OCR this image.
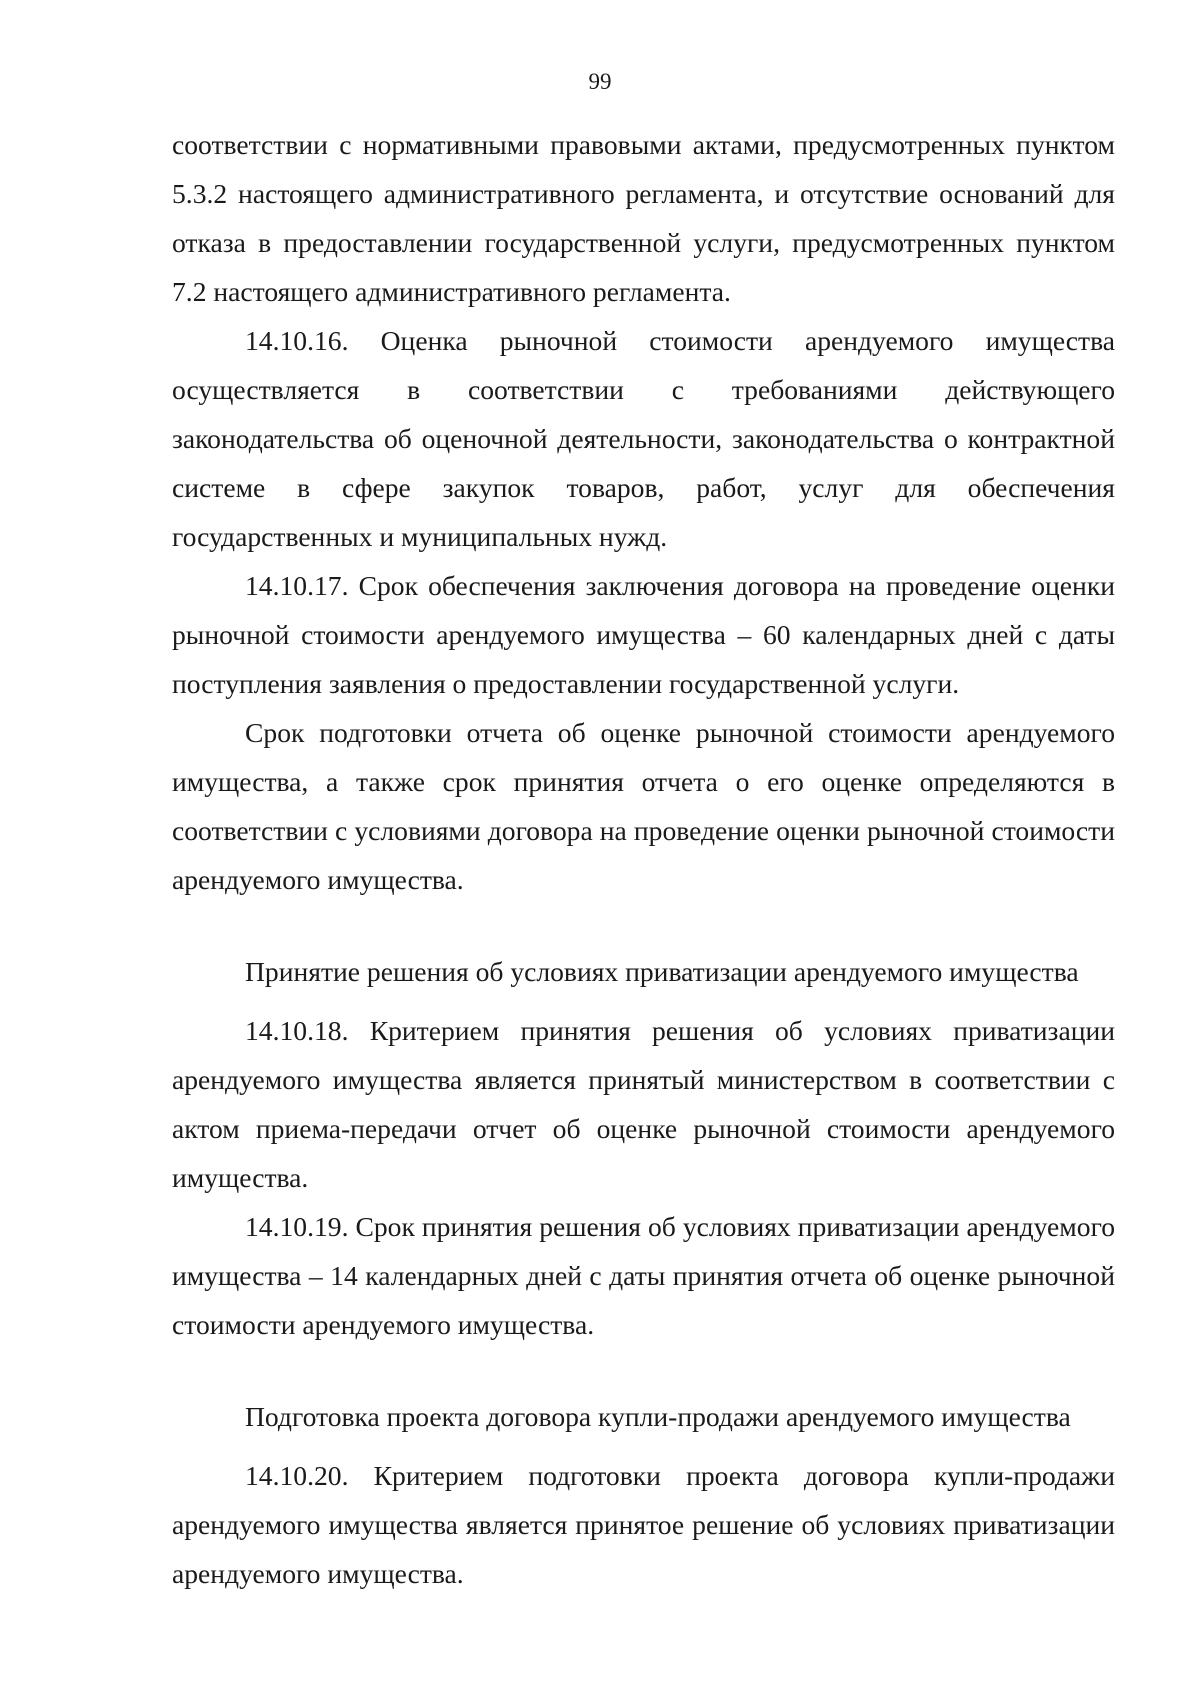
99

соответствии с нормативными правовыми актами, предусмотренных пунктом 5.3.2 настоящего административного регламента, и отсутствие оснований для отказа в предоставлении государственной услуги, предусмотренных пунктом 7.2 настоящего административного регламента.

14.10.16. Оценка рыночной стоимости арендуемого имущества осуществляется в соответствии с требованиями действующего законодательства об оценочной деятельности, законодательства о контрактной системе в сфере закупок товаров, работ, услуг для обеспечения государственных и муниципальных нужд.

14.10.17. Срок обеспечения заключения договора на проведение оценки рыночной стоимости арендуемого имущества – 60 календарных дней с даты поступления заявления о предоставлении государственной услуги.

Срок подготовки отчета об оценке рыночной стоимости арендуемого имущества, а также срок принятия отчета о его оценке определяются в соответствии с условиями договора на проведение оценки рыночной стоимости арендуемого имущества.

Принятие решения об условиях приватизации арендуемого имущества

14.10.18. Критерием принятия решения об условиях приватизации арендуемого имущества является принятый министерством в соответствии с актом приема-передачи отчет об оценке рыночной стоимости арендуемого имущества.

14.10.19. Срок принятия решения об условиях приватизации арендуемого имущества – 14 календарных дней с даты принятия отчета об оценке рыночной стоимости арендуемого имущества.

Подготовка проекта договора купли-продажи арендуемого имущества

14.10.20. Критерием подготовки проекта договора купли-продажи арендуемого имущества является принятое решение об условиях приватизации арендуемого имущества.
